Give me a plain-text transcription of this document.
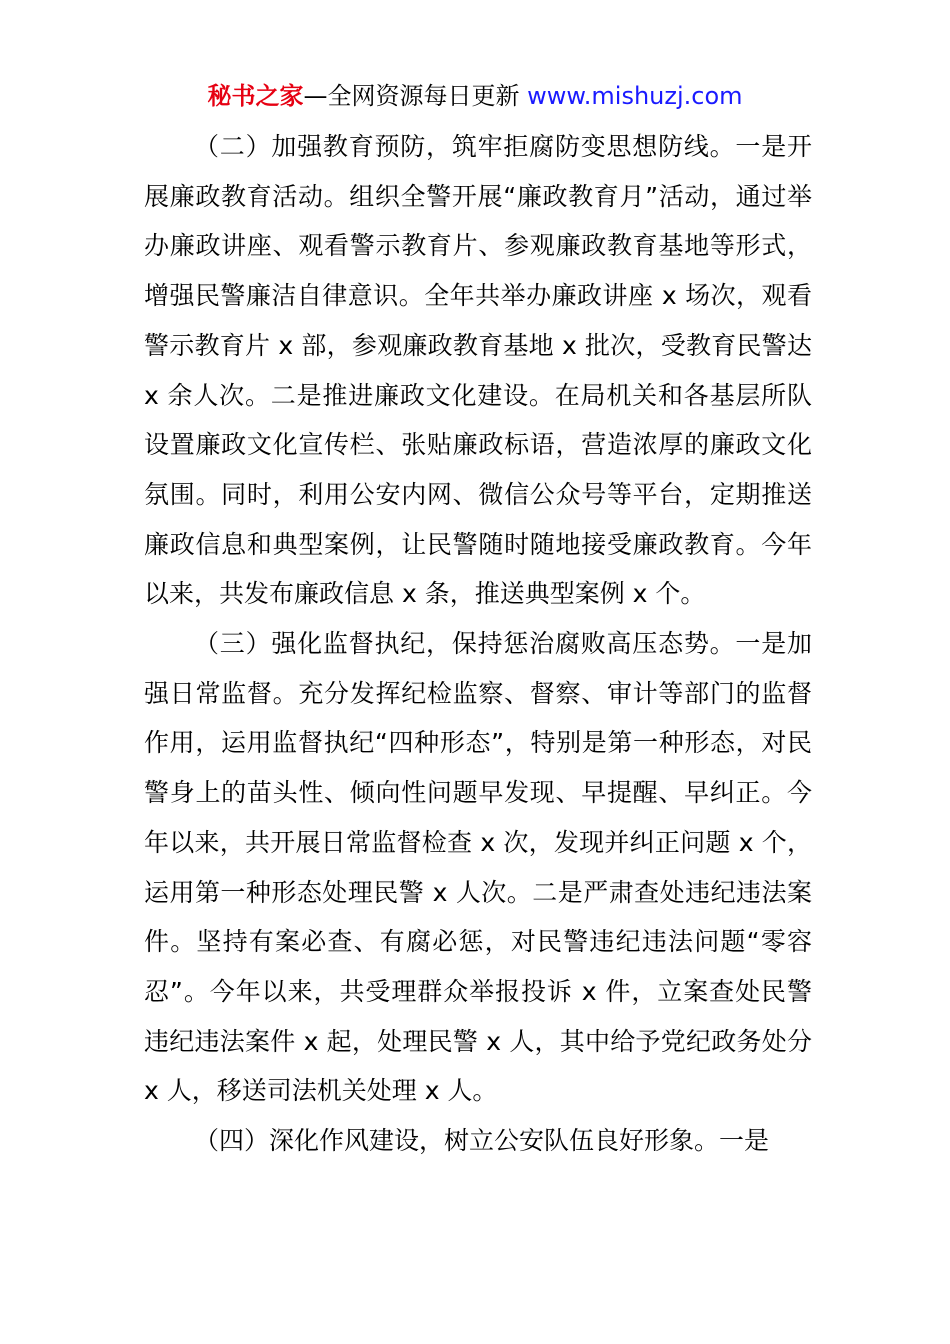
秘书之家—全网资源每日更新 www.mishuzj.com

（二）加强教育预防，筑牢拒腐防变思想防线。一是开展廉政教育活动。组织全警开展“廉政教育月”活动，通过举办廉政讲座、观看警示教育片、参观廉政教育基地等形式，增强民警廉洁自律意识。全年共举办廉政讲座 x 场次，观看警示教育片 x 部，参观廉政教育基地 x 批次，受教育民警达 x 余人次。二是推进廉政文化建设。在局机关和各基层所队设置廉政文化宣传栏、张贴廉政标语，营造浓厚的廉政文化氛围。同时，利用公安内网、微信公众号等平台，定期推送廉政信息和典型案例，让民警随时随地接受廉政教育。今年以来，共发布廉政信息 x 条，推送典型案例 x 个。

（三）强化监督执纪，保持惩治腐败高压态势。一是加强日常监督。充分发挥纪检监察、督察、审计等部门的监督作用，运用监督执纪“四种形态”，特别是第一种形态，对民警身上的苗头性、倾向性问题早发现、早提醒、早纠正。今年以来，共开展日常监督检查 x 次，发现并纠正问题 x 个，运用第一种形态处理民警 x 人次。二是严肃查处违纪违法案件。坚持有案必查、有腐必惩，对民警违纪违法问题“零容忍”。今年以来，共受理群众举报投诉 x 件，立案查处民警违纪违法案件 x 起，处理民警 x 人，其中给予党纪政务处分 x 人，移送司法机关处理 x 人。

（四）深化作风建设，树立公安队伍良好形象。一是
